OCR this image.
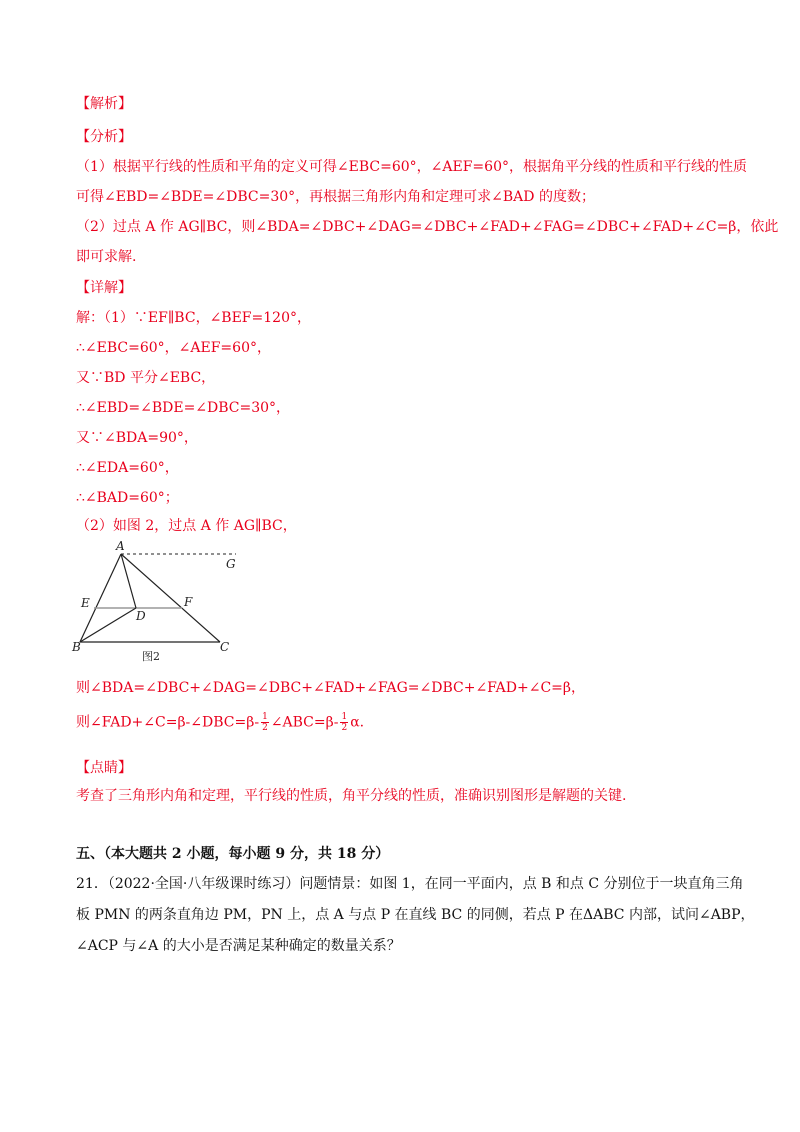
【解析】
【分析】
（1）根据平行线的性质和平角的定义可得∠EBC=60°，∠AEF=60°，根据角平分线的性质和平行线的性质
可得∠EBD=∠BDE=∠DBC=30°，再根据三角形内角和定理可求∠BAD 的度数；
（2）过点 A 作 AG∥BC，则∠BDA=∠DBC+∠DAG=∠DBC+∠FAD+∠FAG=∠DBC+∠FAD+∠C=β，依此
即可求解.
【详解】
解：（1）∵EF∥BC，∠BEF=120°，
∴∠EBC=60°，∠AEF=60°，
又∵BD 平分∠EBC，
∴∠EBD=∠BDE=∠DBC=30°，
又∵∠BDA=90°，
∴∠EDA=60°，
∴∠BAD=60°；
（2）如图 2，过点 A 作 AG∥BC，
A
G
E
D
F
B	C
图2
则∠BDA=∠DBC+∠DAG=∠DBC+∠FAD+∠FAG=∠DBC+∠FAD+∠C=β，
则∠FAD+∠C=β-∠DBC=β- $\frac{1}{2}$ ∠ABC=β- $\frac{1}{2} \alpha$.
【点睛】
考查了三角形内角和定理，平行线的性质，角平分线的性质，准确识别图形是解题的关键.
五、（本大题共 2 小题，每小题 9 分，共 18 分）
21．（2022·全国·八年级课时练习）问题情景：如图 1，在同一平面内，点 B 和点 C 分别位于一块直角三角
板 PMN 的两条直角边 PM，PN 上，点 A 与点 P 在直线 BC 的同侧，若点 P 在ΔABC 内部，试问∠ABP，
∠ACP 与∠A 的大小是否满足某种确定的数量关系？
